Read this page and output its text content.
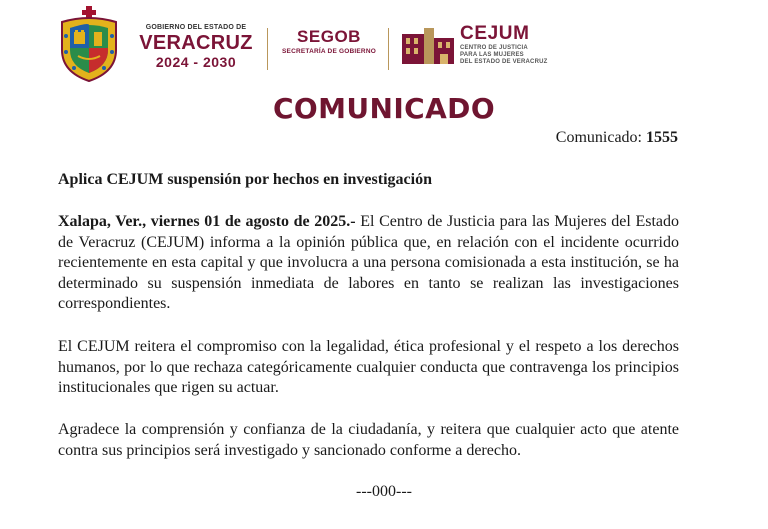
GOBIERNO DEL ESTADO DE
VERACRUZ
2024 - 2030
SEGOB
SECRETARÍA DE GOBIERNO
CEJUM
CENTRO DE JUSTICIA
PARA LAS MUJERES
DEL ESTADO DE VERACRUZ
COMUNICADO
Comunicado: 1555
Aplica CEJUM suspensión por hechos en investigación

Xalapa, Ver., viernes 01 de agosto de 2025.- El Centro de Justicia para las Mujeres del Estado de Veracruz (CEJUM) informa a la opinión pública que, en relación con el incidente ocurrido recientemente en esta capital y que involucra a una persona comisionada a esta institución, se ha determinado su suspensión inmediata de labores en tanto se realizan las investigaciones correspondientes.

El CEJUM reitera el compromiso con la legalidad, ética profesional y el respeto a los derechos humanos, por lo que rechaza categóricamente cualquier conducta que contravenga los principios institucionales que rigen su actuar.

Agradece la comprensión y confianza de la ciudadanía, y reitera que cualquier acto que atente contra sus principios será investigado y sancionado conforme a derecho.

---000---
